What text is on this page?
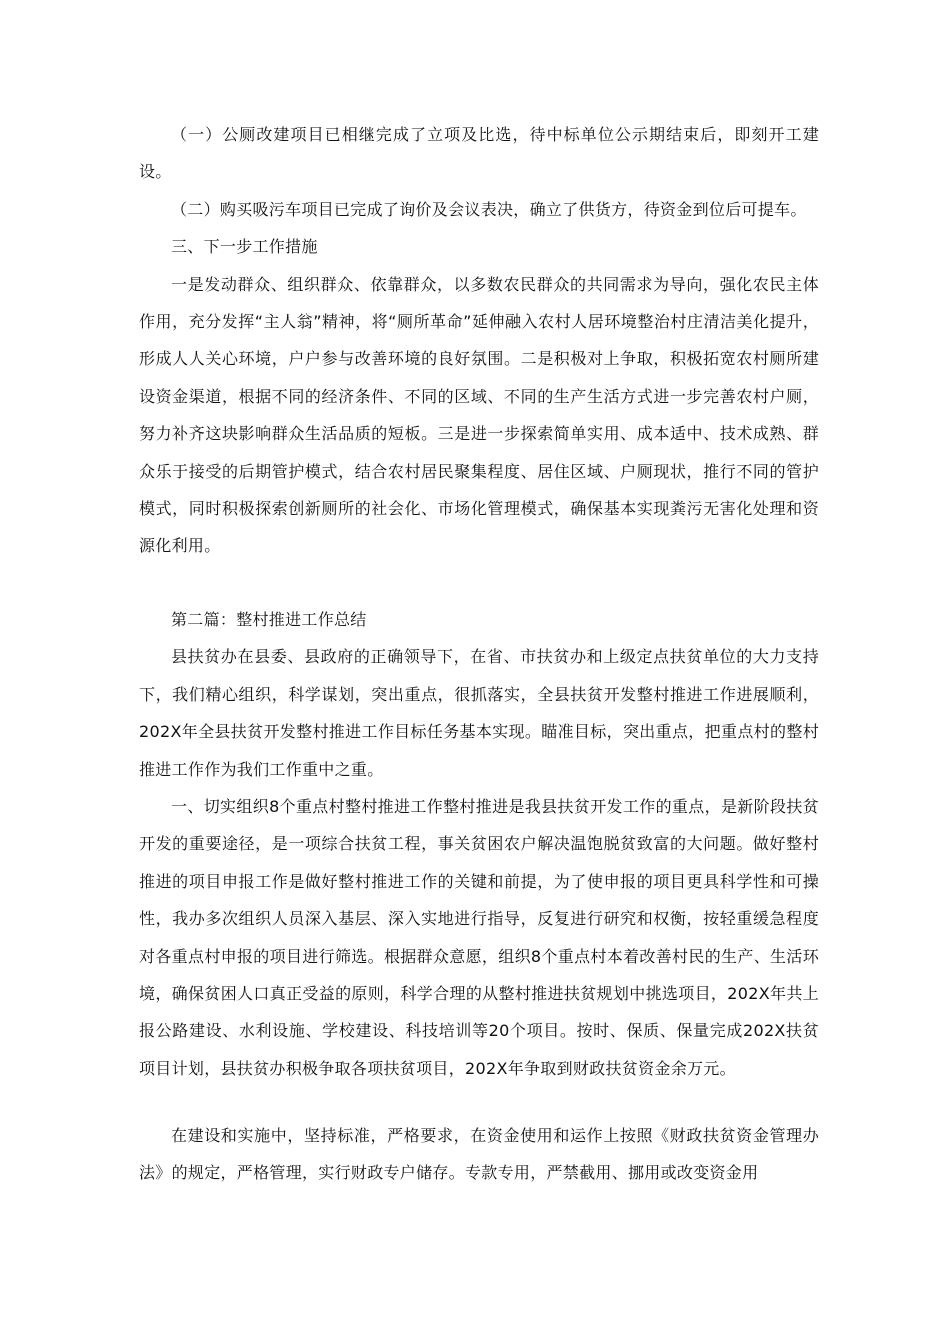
（一）公厕改建项目已相继完成了立项及比选，待中标单位公示期结束后，即刻开工建设。

（二）购买吸污车项目已完成了询价及会议表决，确立了供货方，待资金到位后可提车。

三、下一步工作措施

一是发动群众、组织群众、依靠群众，以多数农民群众的共同需求为导向，强化农民主体作用，充分发挥“主人翁”精神，将“厕所革命”延伸融入农村人居环境整治村庄清洁美化提升，形成人人关心环境，户户参与改善环境的良好氛围。二是积极对上争取，积极拓宽农村厕所建设资金渠道，根据不同的经济条件、不同的区域、不同的生产生活方式进一步完善农村户厕，努力补齐这块影响群众生活品质的短板。三是进一步探索简单实用、成本适中、技术成熟、群众乐于接受的后期管护模式，结合农村居民聚集程度、居住区域、户厕现状，推行不同的管护模式，同时积极探索创新厕所的社会化、市场化管理模式，确保基本实现粪污无害化处理和资源化利用。

第二篇：整村推进工作总结

县扶贫办在县委、县政府的正确领导下，在省、市扶贫办和上级定点扶贫单位的大力支持下，我们精心组织，科学谋划，突出重点，很抓落实，全县扶贫开发整村推进工作进展顺利，202X年全县扶贫开发整村推进工作目标任务基本实现。瞄准目标，突出重点，把重点村的整村推进工作作为我们工作重中之重。

一、切实组织8个重点村整村推进工作整村推进是我县扶贫开发工作的重点，是新阶段扶贫开发的重要途径，是一项综合扶贫工程，事关贫困农户解决温饱脱贫致富的大问题。做好整村推进的项目申报工作是做好整村推进工作的关键和前提，为了使申报的项目更具科学性和可操性，我办多次组织人员深入基层、深入实地进行指导，反复进行研究和权衡，按轻重缓急程度对各重点村申报的项目进行筛选。根据群众意愿，组织8个重点村本着改善村民的生产、生活环境，确保贫困人口真正受益的原则，科学合理的从整村推进扶贫规划中挑选项目，202X年共上报公路建设、水利设施、学校建设、科技培训等20个项目。按时、保质、保量完成202X扶贫项目计划，县扶贫办积极争取各项扶贫项目，202X年争取到财政扶贫资金余万元。

在建设和实施中，坚持标准，严格要求，在资金使用和运作上按照《财政扶贫资金管理办法》的规定，严格管理，实行财政专户储存。专款专用，严禁截用、挪用或改变资金用
